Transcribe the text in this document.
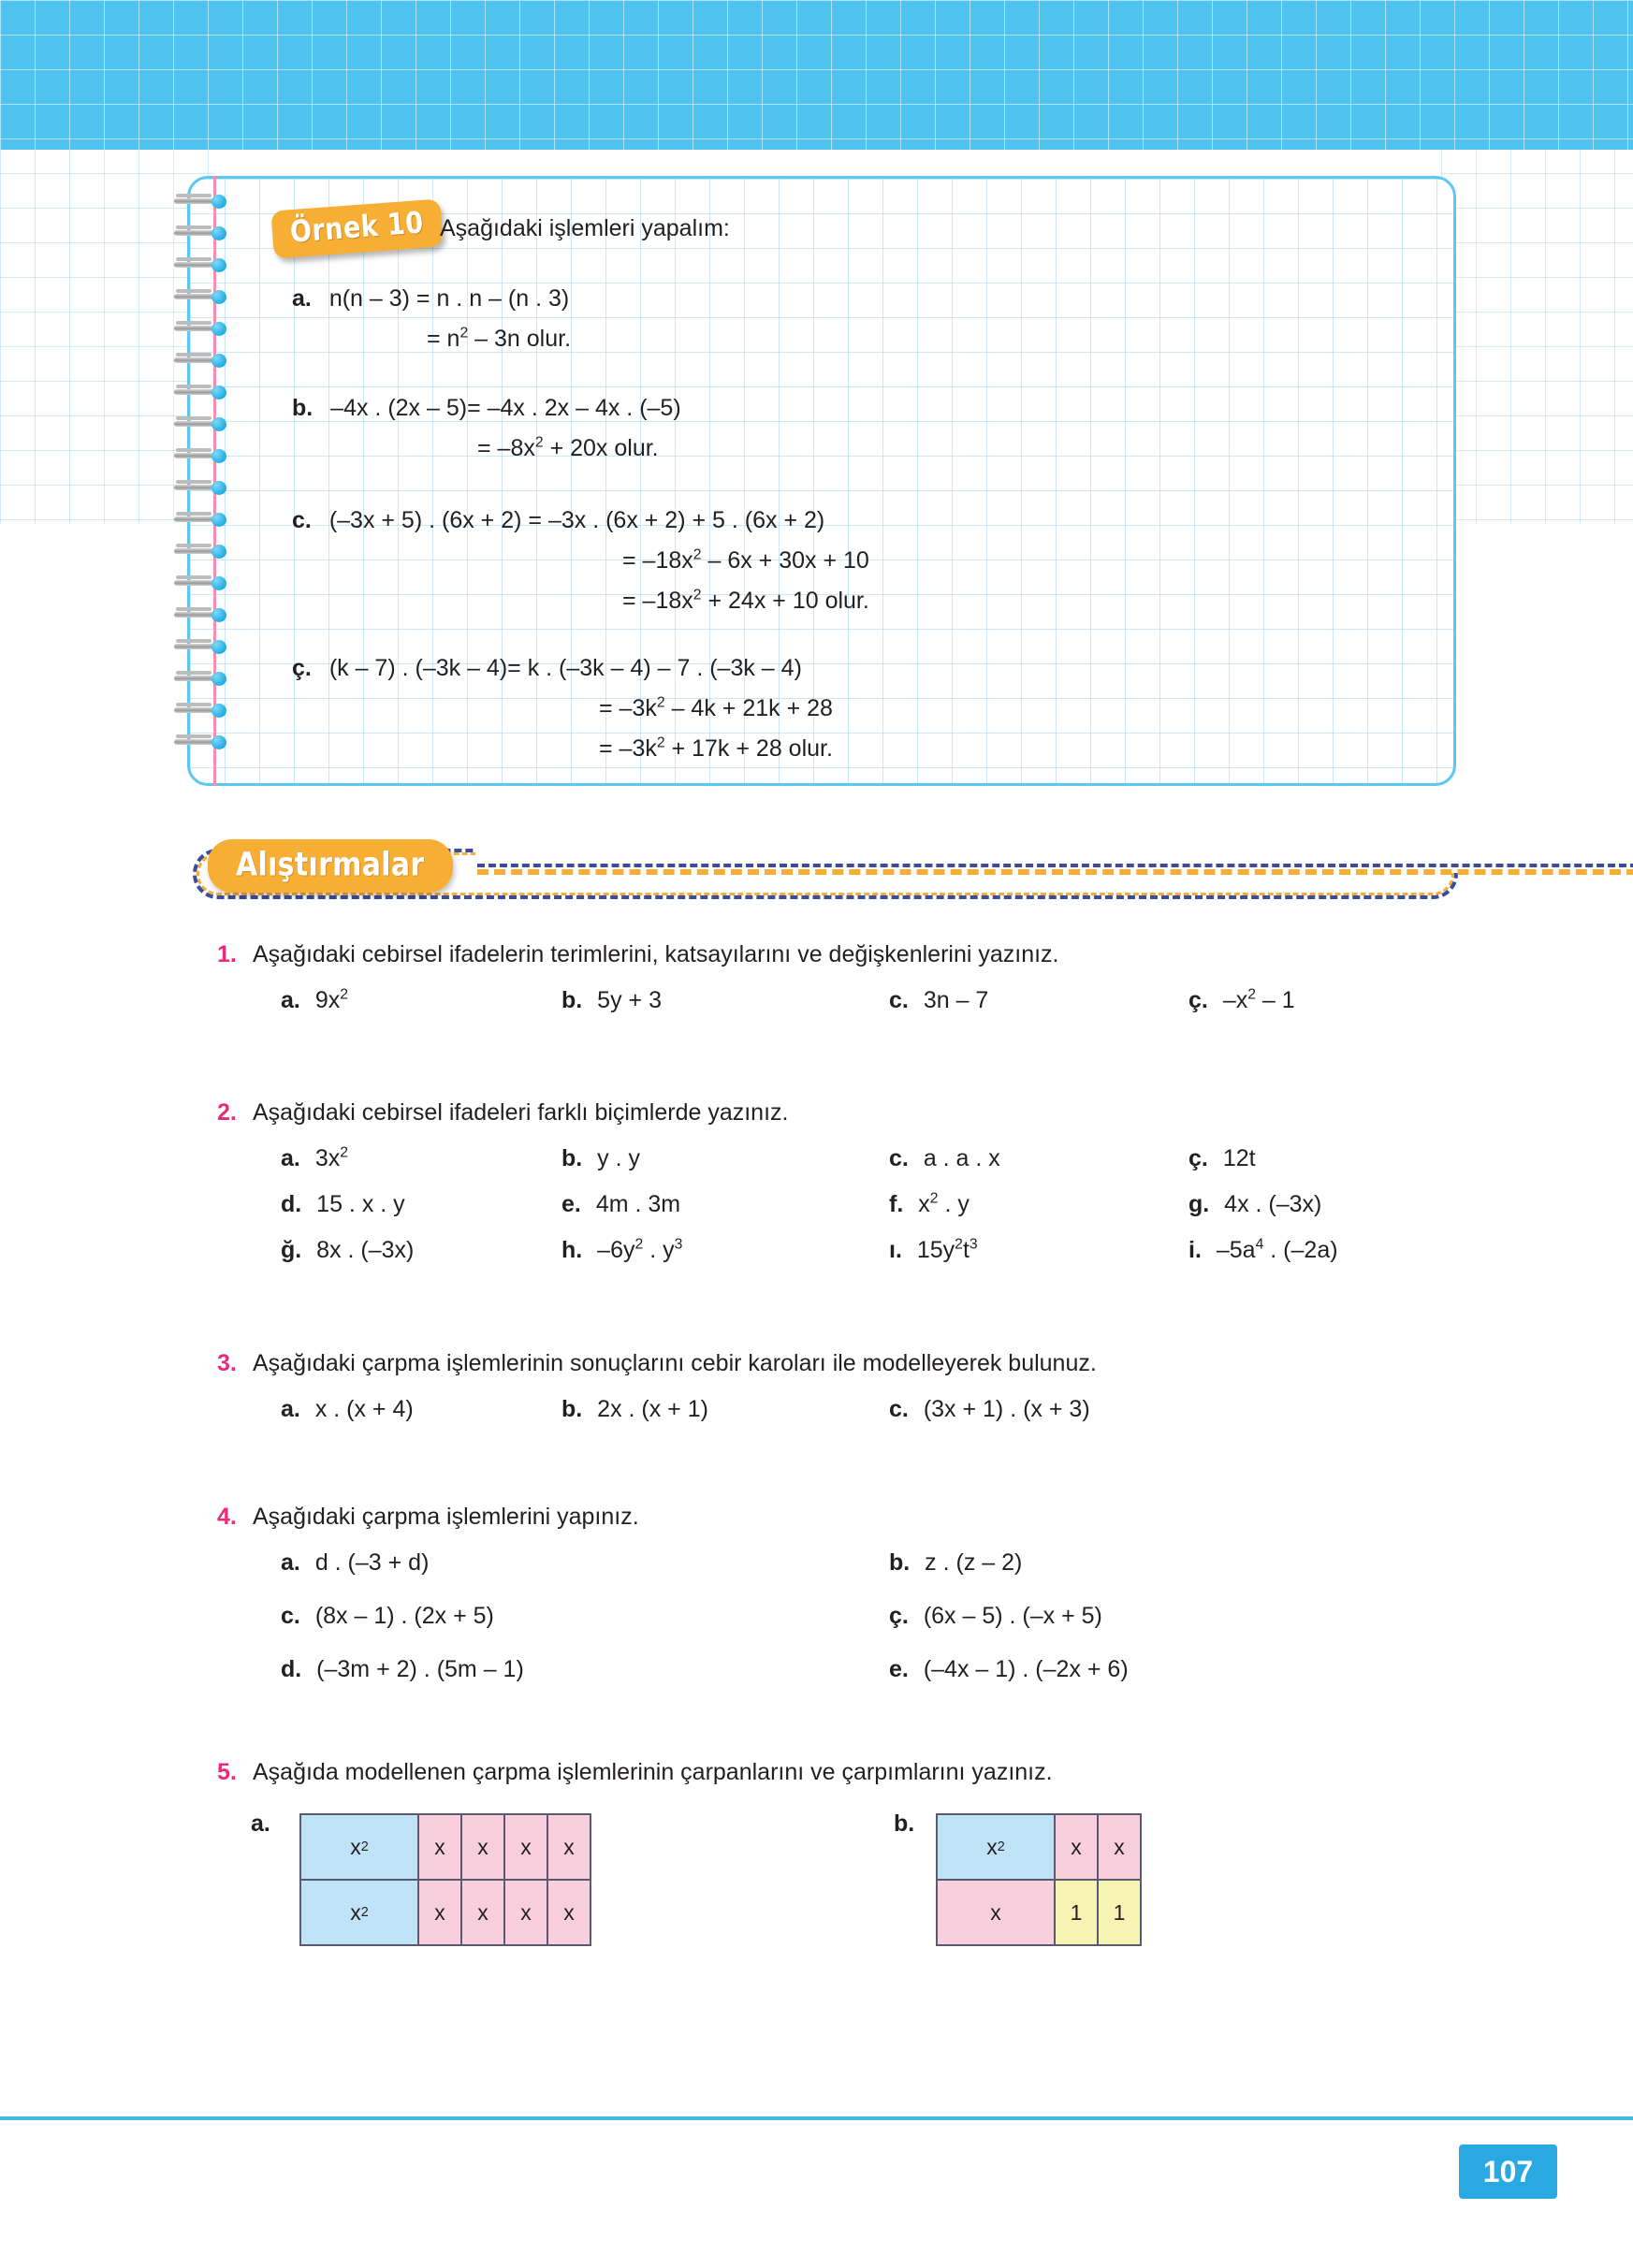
Örnek 10 Aşağıdaki işlemleri yapalım:
a. n(n – 3) = n . n – (n . 3)
= $n^2 - 3n$ olur.
b. –4x . (2x – 5)= –4x . 2x – 4x . (–5)
= $-8x^2 + 20x$ olur.
c. (–3x + 5) . (6x + 2) = –3x . (6x + 2) + 5 . (6x + 2)
= $-18x^2 - 6x + 30x + 10$
= $-18x^2 + 24x + 10$ olur.
ç. (k – 7) . (–3k – 4)= k . (–3k – 4) – 7 . (–3k – 4)
= $-3k^2 - 4k + 21k + 28$
= $-3k^2 + 17k + 28$ olur.
Alıştırmalar
1. Aşağıdaki cebirsel ifadelerin terimlerini, katsayılarını ve değişkenlerini yazınız.
a. $9x^2$	b. 5y + 3	c. 3n – 7	ç. $-x^2 - 1$
2. Aşağıdaki cebirsel ifadeleri farklı biçimlerde yazınız.
a. $3x^2$	b. y . y	c. a . a . x	ç. 12t
d. 15 . x . y	e. 4m . 3m	f. $x^2$ . y	g. 4x . (–3x)
ğ. 8x . (–3x)	h. $-6y^2$ . $y^3$	ı. $15y^2t^3$	i. $-5a^4$ . (–2a)
3. Aşağıdaki çarpma işlemlerinin sonuçlarını cebir karoları ile modelleyerek bulunuz.
a. x . (x + 4)	b. 2x . (x + 1)	c. (3x + 1) . (x + 3)
4. Aşağıdaki çarpma işlemlerini yapınız.
a. d . (–3 + d)	b. z . (z – 2)
c. (8x – 1) . (2x + 5)	ç. (6x – 5) . (–x + 5)
d. (–3m + 2) . (5m – 1)	e. (–4x – 1) . (–2x + 6)
5. Aşağıda modellenen çarpma işlemlerinin çarpanlarını ve çarpımlarını yazınız.
a.
x 2	x	x	x	x
x 2	x	x	x	x
b.
x 2	x	x
x	1	1
107
